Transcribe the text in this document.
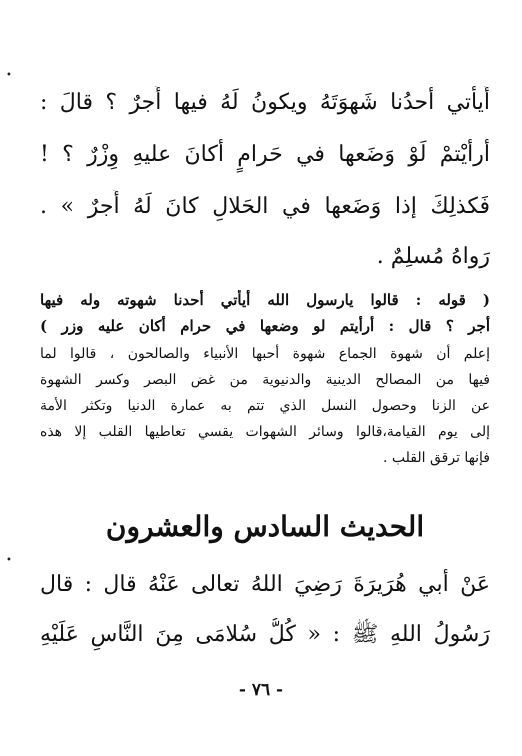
•
•
أَيأْتي أحدُنا شَهوَتَهُ ويكونُ لَهُ فيها أَجرٌ ؟ قالَ :
أرأيْتمْ لَوْ وَضَعها في حَرامٍ أكانَ عليهِ وِزْرٌ ؟ !
فَكذلِكَ إذا وَضَعها في الحَلالِ كانَ لَهُ أَجرٌ » .
رَواهُ مُسلِمٌ .
( قوله : قالوا يارسول الله أيأتي أحدنا شهوته وله فيها
أجر ؟ قال : أرأيتم لو وضعها في حرام أكان عليه وزر )
إعلم أن شهوة الجماع شهوة أحبها الأنبياء والصالحون ، قالوا لما
فيها من المصالح الدينية والدنيوية من غض البصر وكسر الشهوة
عن الزنا وحصول النسل الذي تتم به عمارة الدنيا وتكثر الأمة
إلى يوم القيامة،قالوا وسائر الشهوات يقسي تعاطيها القلب إلا هذه
فإنها ترقق القلب .
الحديث السادس والعشرون
عَنْ أبي هُرَيرَةَ رَضِيَ اللهُ تعالى عَنْهُ قال : قال
رَسُولُ اللهِ ﷺ : « كُلُّ سُلامَى مِنَ النَّاسِ عَلَيْهِ
- ٧٦ -
